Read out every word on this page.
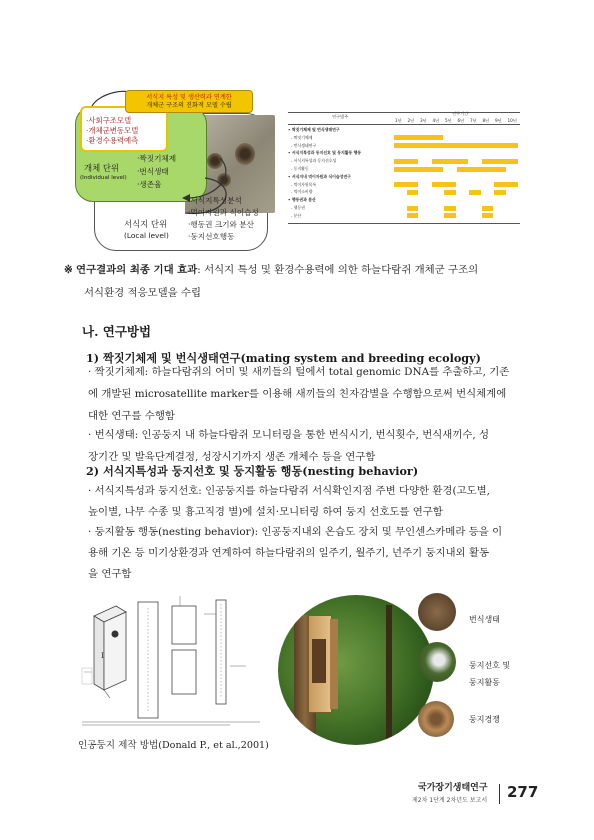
서식지 특성 및 생산력과 연계한
개체군 구조의 진화적 모델 수립
·사회구조모델
·개체군변동모델
·환경수용력예측
개체 단위
(Individual level)
·짝짓기체제
·번식생태
·생존율
·서식지특성분석
·먹이자원과 식이습성
·행동권 크기와 분산
·둥지선호행동
서식지 단위
(Local level)
연구범주
연구기간
1년 2년 3년 4년 5년 6년 7년 8년 9년 10년
• 짝짓기체제 및 번식생태연구
- 짝짓기체제
- 번식생태연구
• 서식지특성과 둥지선호 및 둥지활동 행동
- 서식지특성과 둥지선호성
- 둥지활동
• 서식지내 먹이자원과 식이습성연구
- 먹이자원목록
- 먹이소비량
• 행동권과 분산
- 행동권
- 분산
※ 연구결과의 최종 기대 효과: 서식지 특성 및 환경수용력에 의한 하늘다람쥐 개체군 구조의
서식환경 적응모델을 수립
나. 연구방법
1) 짝짓기체제 및 번식생태연구(mating system and breeding ecology)
· 짝짓기체제: 하늘다람쥐의 어미 및 새끼들의 털에서 total genomic DNA를 추출하고, 기존
에 개발된 microsatellite marker를 이용해 새끼들의 친자감별을 수행함으로써 번식체계에
대한 연구를 수행함
· 번식생태: 인공둥지 내 하늘다람쥐 모니터링을 통한 번식시기, 번식횟수, 번식새끼수, 성
장기간 및 발육단계결정, 성장시기까지 생존 개체수 등을 연구함
2) 서식지특성과 둥지선호 및 둥지활동 행동(nesting behavior)
· 서식지특성과 둥지선호: 인공둥지를 하늘다람쥐 서식확인지점 주변 다양한 환경(고도별,
높이별, 나무 수종 및 흉고직경 별)에 설치·모니터링 하여 둥지 선호도를 연구함
· 둥지활동 행동(nesting behavior): 인공둥지내외 온습도 장치 및 무인센스카메라 등을 이
용해 기온 등 미기상환경과 연계하여 하늘다람쥐의 일주기, 월주기, 년주기 둥지내외 활동
을 연구함
I
인공둥지 제작 방법(Donald P., et al.,2001)
번식생태
둥지선호 및
둥지활동
둥지경쟁
국가장기생태연구
제2차 1단계 2차년도 보고서 277
